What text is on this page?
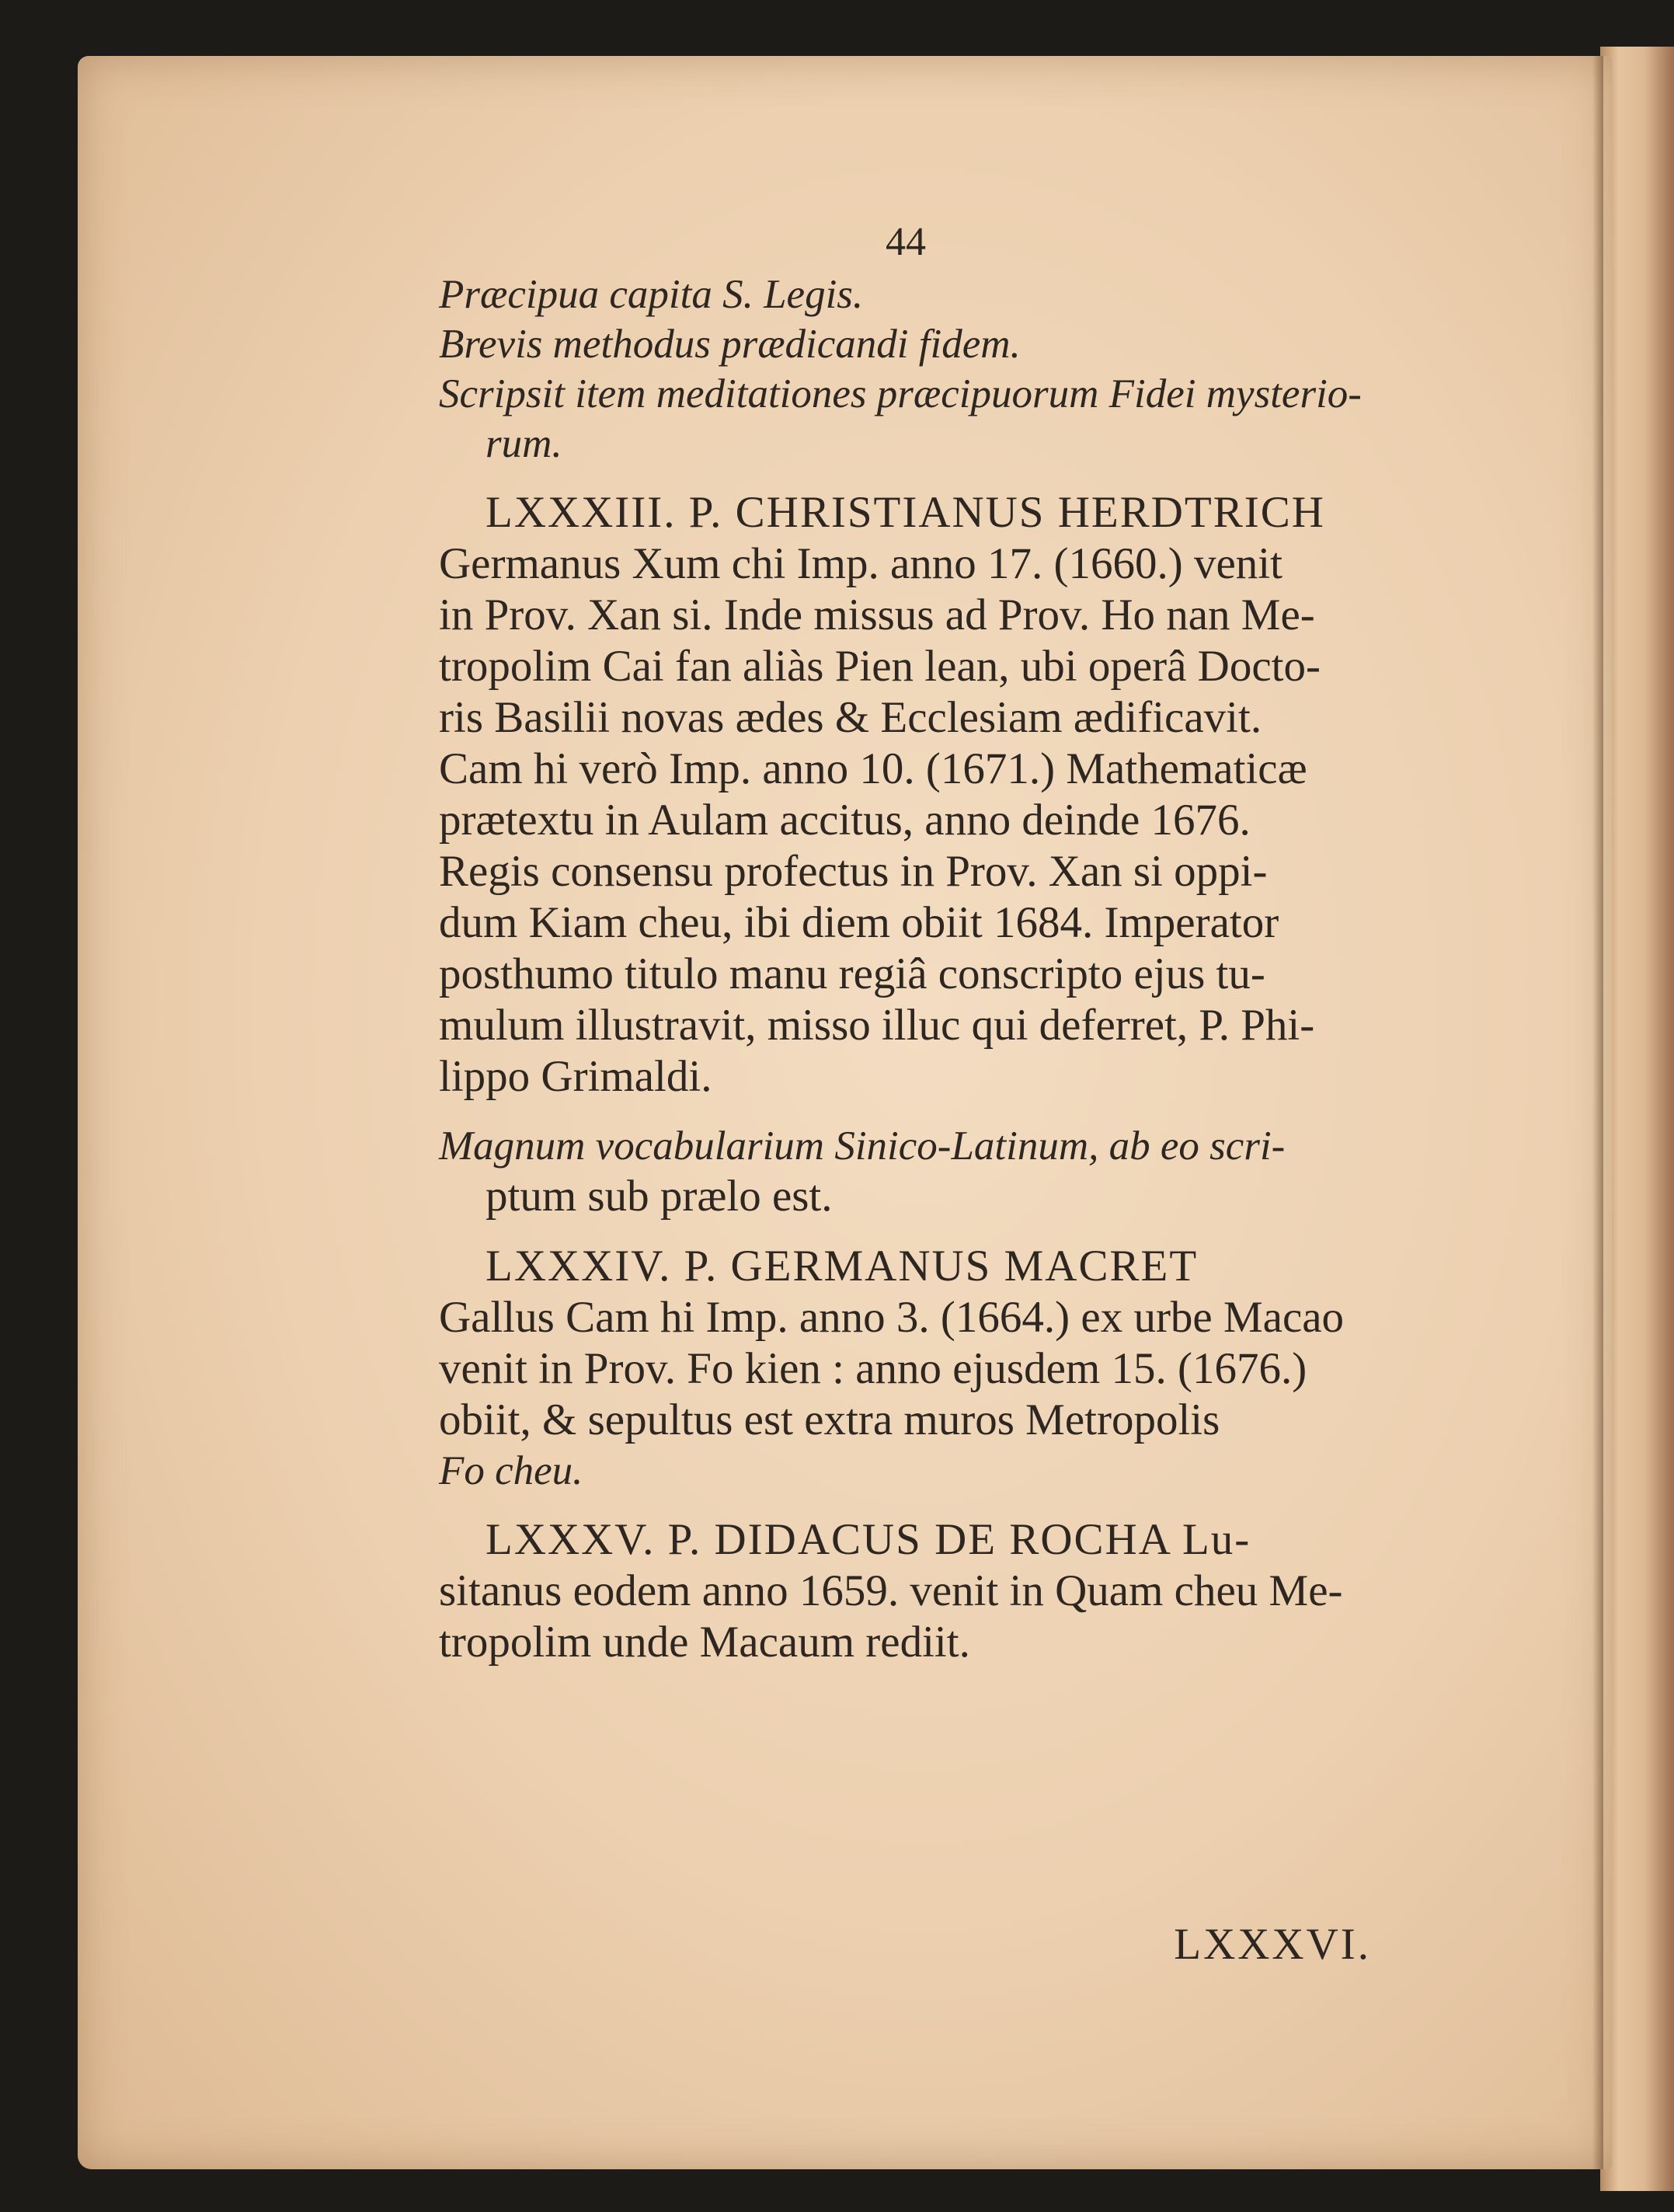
44
Præcipua capita S. Legis.
Brevis methodus prædicandi fidem.
Scripsit item meditationes præcipuorum Fidei mysterio-
rum.
LXXXIII. P. CHRISTIANUS HERDTRICH
Germanus Xum chi Imp. anno 17. (1660.) venit
in Prov. Xan si. Inde missus ad Prov. Ho nan Me-
tropolim Cai fan aliàs Pien lean, ubi operâ Docto-
ris Basilii novas ædes & Ecclesiam ædificavit.
Cam hi verò Imp. anno 10. (1671.) Mathematicæ
prætextu in Aulam accitus, anno deinde 1676.
Regis consensu profectus in Prov. Xan si oppi-
dum Kiam cheu, ibi diem obiit 1684. Imperator
posthumo titulo manu regiâ conscripto ejus tu-
mulum illustravit, misso illuc qui deferret, P. Phi-
lippo Grimaldi.
Magnum vocabularium Sinico-Latinum, ab eo scri-
ptum sub prælo est.
LXXXIV. P. GERMANUS MACRET
Gallus Cam hi Imp. anno 3. (1664.) ex urbe Macao
venit in Prov. Fo kien : anno ejusdem 15. (1676.)
obiit, & sepultus est extra muros Metropolis
Fo cheu.
LXXXV. P. DIDACUS DE ROCHA Lu-
sitanus eodem anno 1659. venit in Quam cheu Me-
tropolim unde Macaum rediit.
LXXXVI.
